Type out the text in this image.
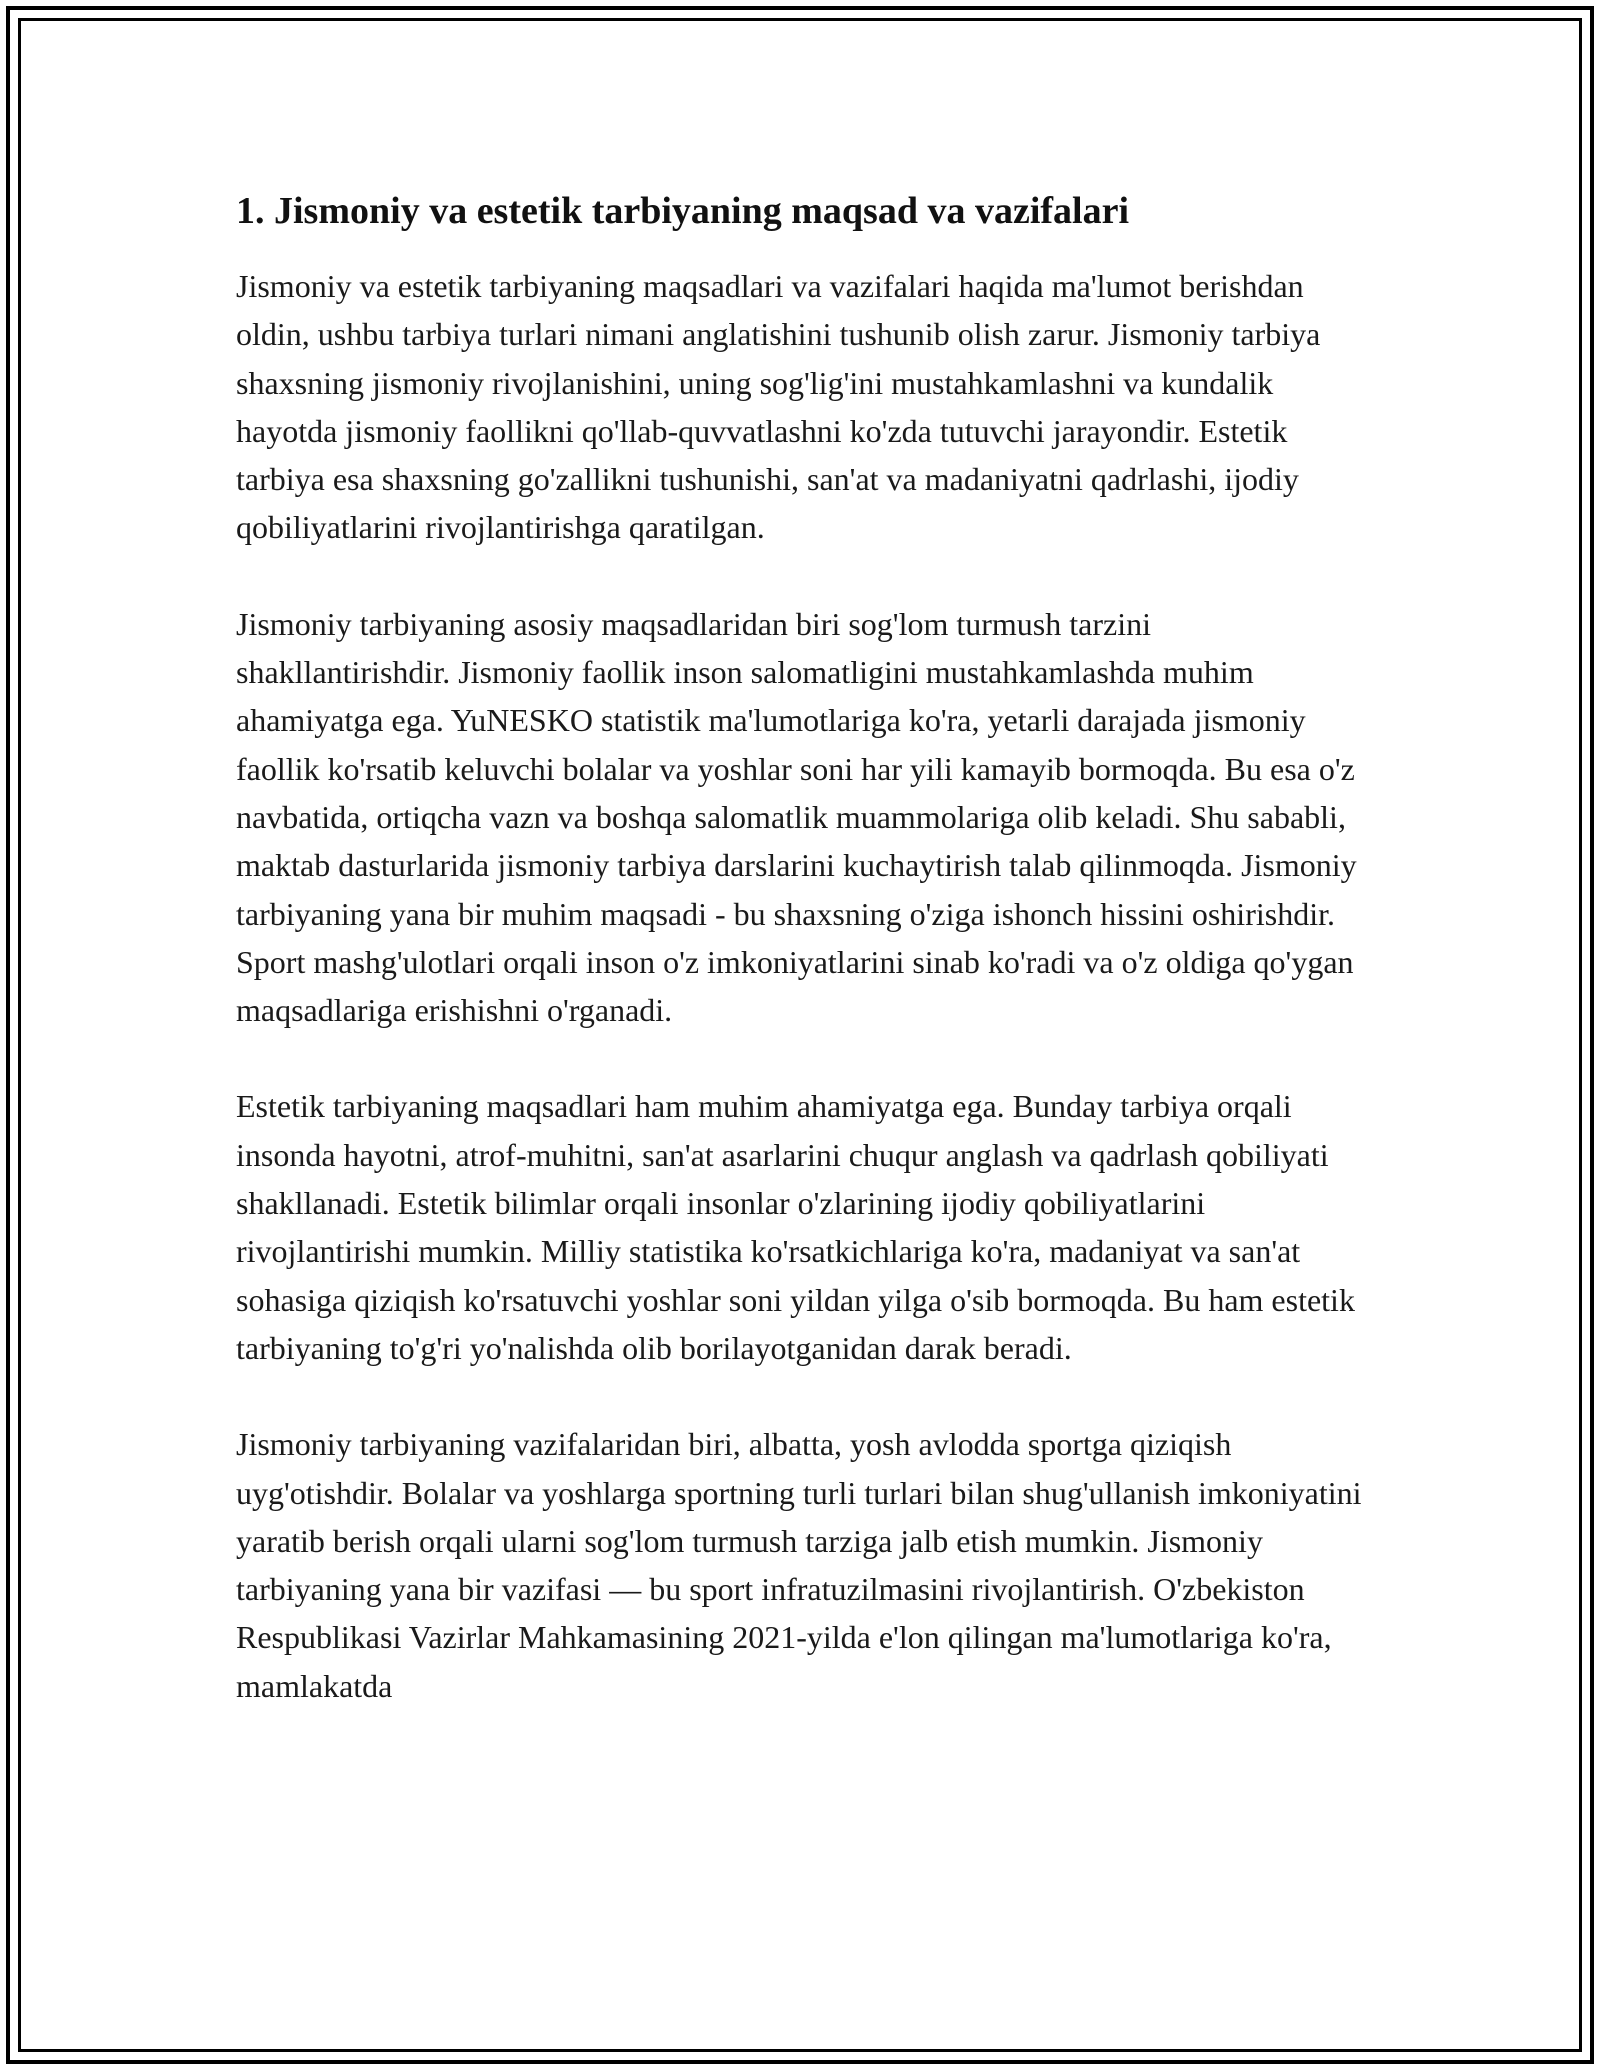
1. Jismoniy va estetik tarbiyaning maqsad va vazifalari

Jismoniy va estetik tarbiyaning maqsadlari va vazifalari haqida ma'lumot berishdan oldin, ushbu tarbiya turlari nimani anglatishini tushunib olish zarur. Jismoniy tarbiya shaxsning jismoniy rivojlanishini, uning sog'lig'ini mustahkamlashni va kundalik hayotda jismoniy faollikni qo'llab-quvvatlashni ko'zda tutuvchi jarayondir. Estetik tarbiya esa shaxsning go'zallikni tushunishi, san'at va madaniyatni qadrlashi, ijodiy qobiliyatlarini rivojlantirishga qaratilgan.

Jismoniy tarbiyaning asosiy maqsadlaridan biri sog'lom turmush tarzini shakllantirishdir. Jismoniy faollik inson salomatligini mustahkamlashda muhim ahamiyatga ega. YuNESKO statistik ma'lumotlariga ko'ra, yetarli darajada jismoniy faollik ko'rsatib keluvchi bolalar va yoshlar soni har yili kamayib bormoqda. Bu esa o'z navbatida, ortiqcha vazn va boshqa salomatlik muammolariga olib keladi. Shu sababli, maktab dasturlarida jismoniy tarbiya darslarini kuchaytirish talab qilinmoqda. Jismoniy tarbiyaning yana bir muhim maqsadi - bu shaxsning o'ziga ishonch hissini oshirishdir. Sport mashg'ulotlari orqali inson o'z imkoniyatlarini sinab ko'radi va o'z oldiga qo'ygan maqsadlariga erishishni o'rganadi.

Estetik tarbiyaning maqsadlari ham muhim ahamiyatga ega. Bunday tarbiya orqali insonda hayotni, atrof-muhitni, san'at asarlarini chuqur anglash va qadrlash qobiliyati shakllanadi. Estetik bilimlar orqali insonlar o'zlarining ijodiy qobiliyatlarini rivojlantirishi mumkin. Milliy statistika ko'rsatkichlariga ko'ra, madaniyat va san'at sohasiga qiziqish ko'rsatuvchi yoshlar soni yildan yilga o'sib bormoqda. Bu ham estetik tarbiyaning to'g'ri yo'nalishda olib borilayotganidan darak beradi.

Jismoniy tarbiyaning vazifalaridan biri, albatta, yosh avlodda sportga qiziqish uyg'otishdir. Bolalar va yoshlarga sportning turli turlari bilan shug'ullanish imkoniyatini yaratib berish orqali ularni sog'lom turmush tarziga jalb etish mumkin. Jismoniy tarbiyaning yana bir vazifasi — bu sport infratuzilmasini rivojlantirish. O'zbekiston Respublikasi Vazirlar Mahkamasining 2021-yilda e'lon qilingan ma'lumotlariga ko'ra, mamlakatda
